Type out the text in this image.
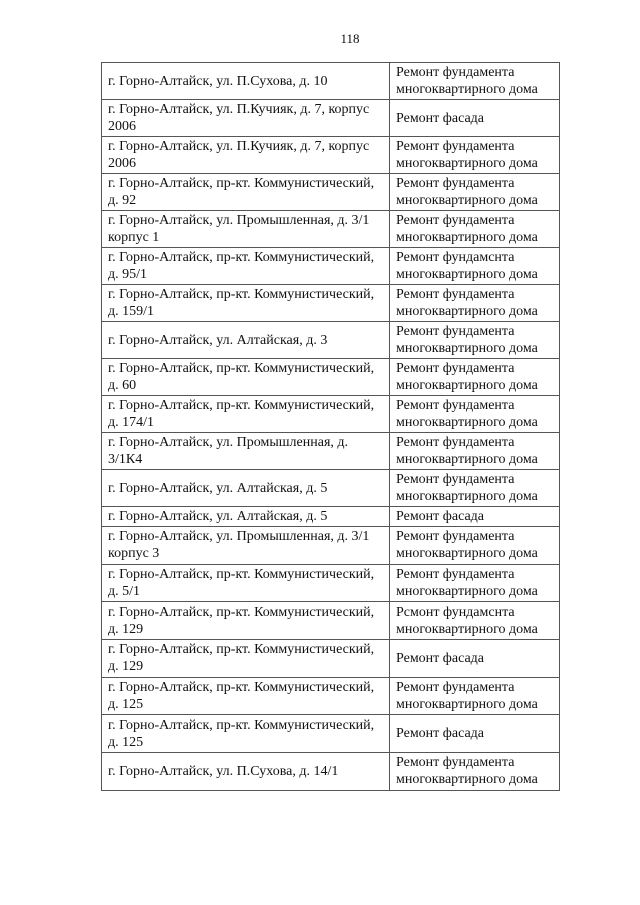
118
г. Горно-Алтайск, ул. П.Сухова, д. 10	Ремонт фундамента многоквартирного дома
г. Горно-Алтайск, ул. П.Кучияк, д. 7, корпус 2006	Ремонт фасада
г. Горно-Алтайск, ул. П.Кучияк, д. 7, корпус 2006	Ремонт фундамента многоквартирного дома
г. Горно-Алтайск, пр-кт. Коммунистический, д. 92	Ремонт фундамента многоквартирного дома
г. Горно-Алтайск, ул. Промышленная, д. 3/1 корпус 1	Ремонт фундамента многоквартирного дома
г. Горно-Алтайск, пр-кт. Коммунистический, д. 95/1	Ремонт фундамснта многоквартирного дома
г. Горно-Алтайск, пр-кт. Коммунистический, д. 159/1	Ремонт фундамента многоквартирного дома
г. Горно-Алтайск, ул. Алтайская, д. 3	Ремонт фундамента многоквартирного дома
г. Горно-Алтайск, пр-кт. Коммунистический, д. 60	Ремонт фундамента многоквартирного дома
г. Горно-Алтайск, пр-кт. Коммунистический, д. 174/1	Ремонт фундамента многоквартирного дома
г. Горно-Алтайск, ул. Промышленная, д. 3/1К4	Ремонт фундамента многоквартирного дома
г. Горно-Алтайск, ул. Алтайская, д. 5	Ремонт фундамента многоквартирного дома
г. Горно-Алтайск, ул. Алтайская, д. 5	Ремонт фасада
г. Горно-Алтайск, ул. Промышленная, д. 3/1 корпус 3	Ремонт фундамента многоквартирного дома
г. Горно-Алтайск, пр-кт. Коммунистический, д. 5/1	Ремонт фундамента многоквартирного дома
г. Горно-Алтайск, пр-кт. Коммунистический, д. 129	Рсмонт фундамснта многоквартирного дома
г. Горно-Алтайск, пр-кт. Коммунистический, д. 129	Ремонт фасада
г. Горно-Алтайск, пр-кт. Коммунистический, д. 125	Ремонт фундамента многоквартирного дома
г. Горно-Алтайск, пр-кт. Коммунистический, д. 125	Ремонт фасада
г. Горно-Алтайск, ул. П.Сухова, д. 14/1	Ремонт фундамента многоквартирного дома
